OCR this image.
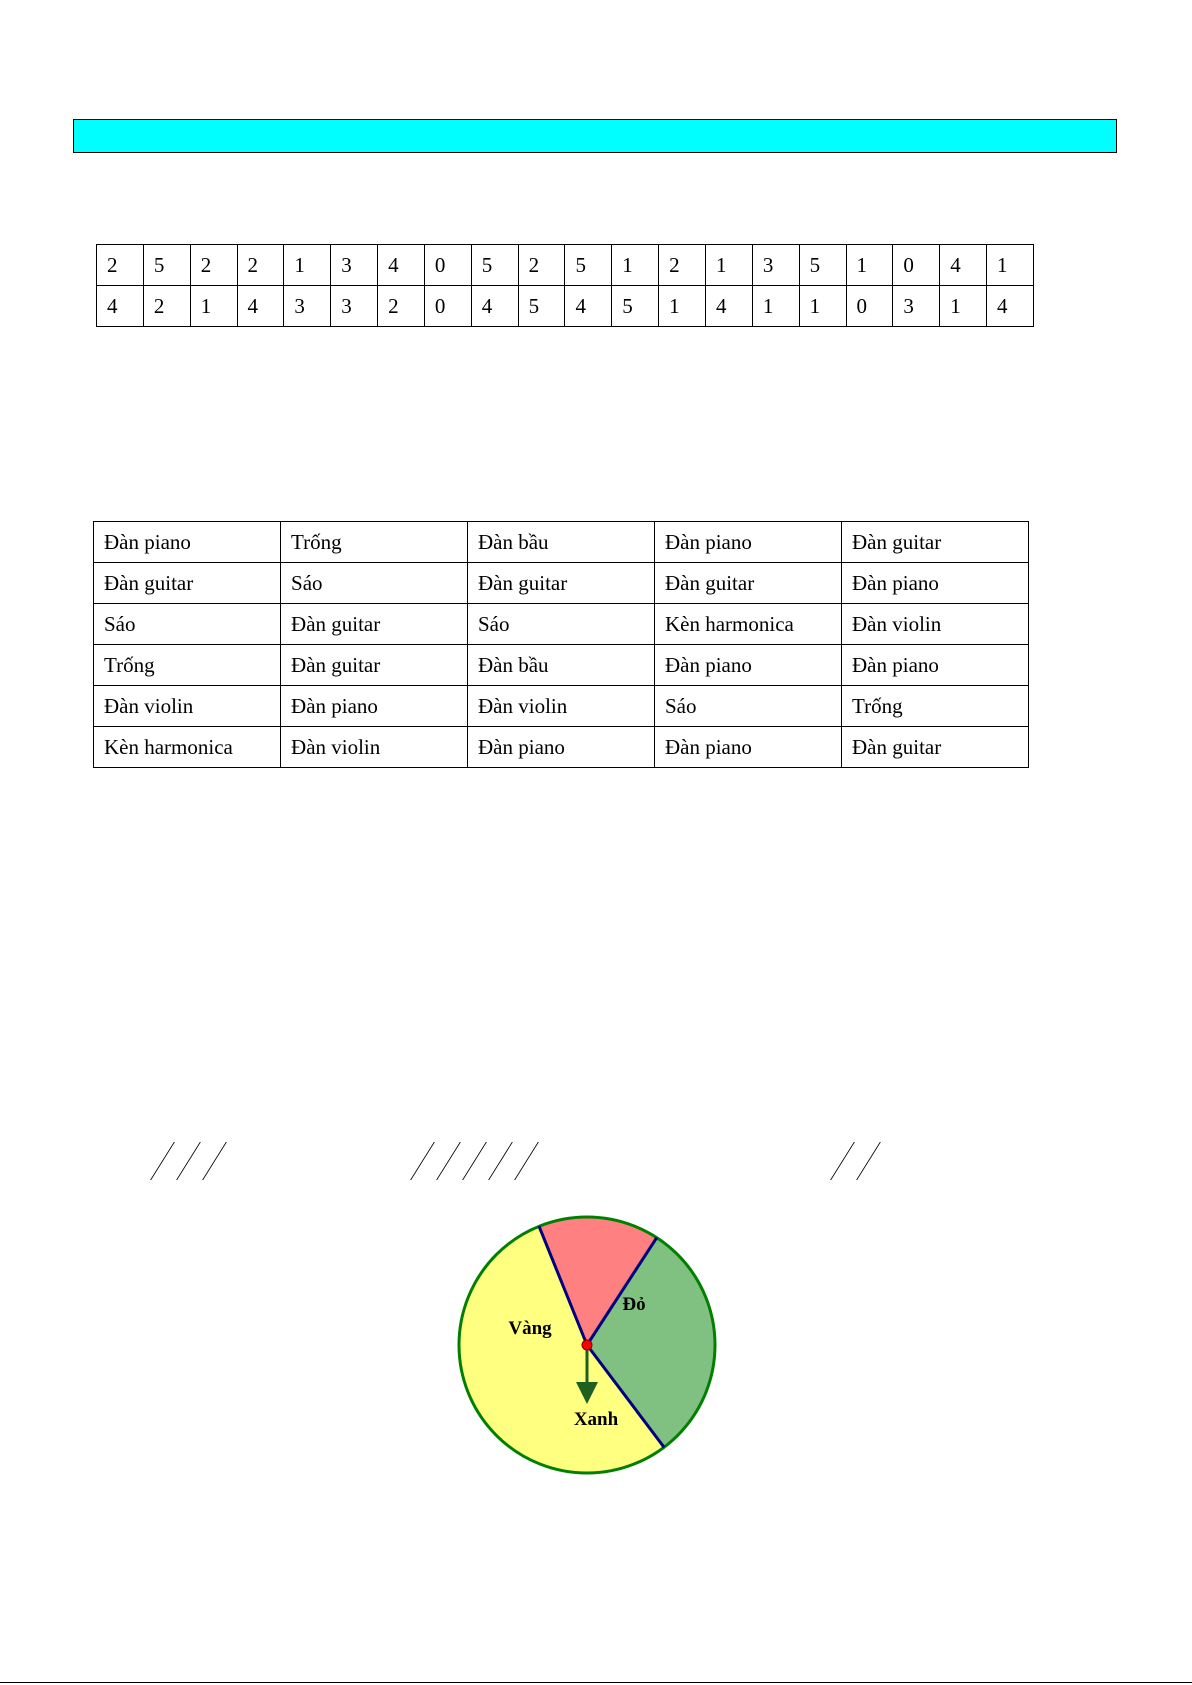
2	5	2	2	1	3	4	0	5	2	5	1	2	1	3	5	1	0	4	1
4	2	1	4	3	3	2	0	4	5	4	5	1	4	1	1	0	3	1	4
Đàn piano	Trống	Đàn bầu	Đàn piano	Đàn guitar
Đàn guitar	Sáo	Đàn guitar	Đàn guitar	Đàn piano
Sáo	Đàn guitar	Sáo	Kèn harmonica	Đàn violin
Trống	Đàn guitar	Đàn bầu	Đàn piano	Đàn piano
Đàn violin	Đàn piano	Đàn violin	Sáo	Trống
Kèn harmonica	Đàn violin	Đàn piano	Đàn piano	Đàn guitar
Đỏ
Vàng
Xanh
